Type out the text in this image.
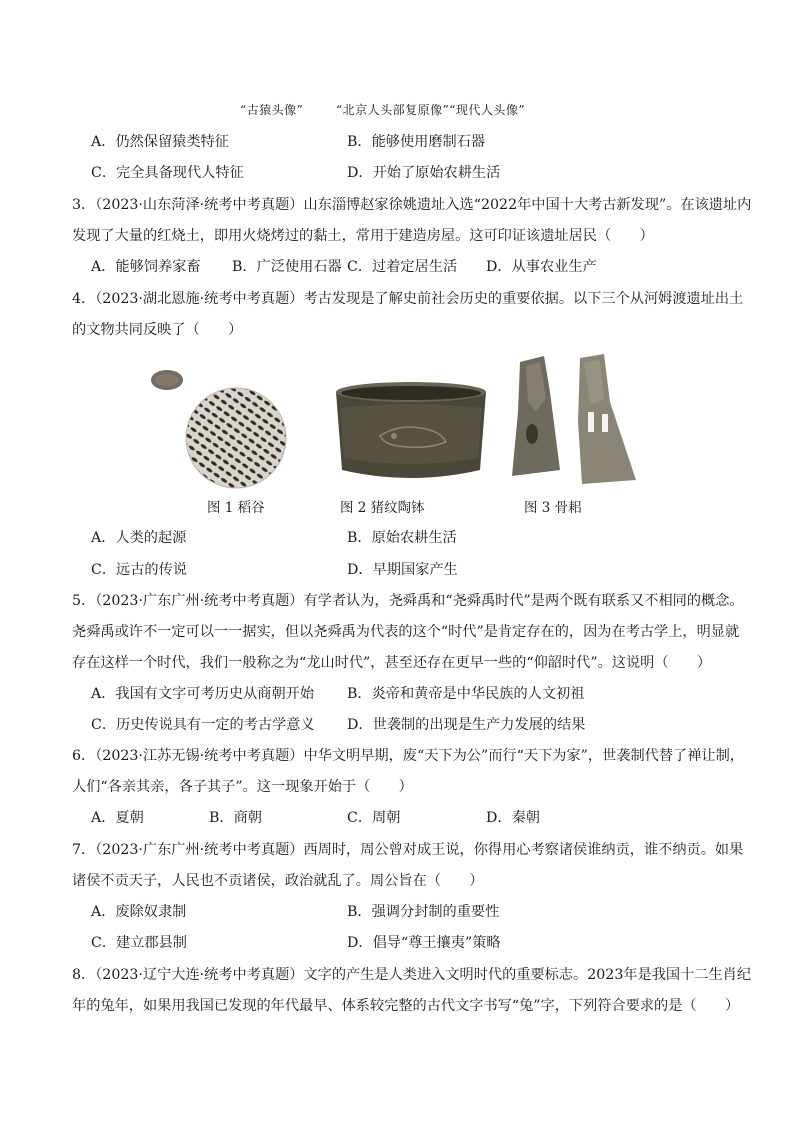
“古猿头像”	“北京人头部复原像”“现代人头像”
A．仍然保留猿类特征	B．能够使用磨制石器
C．完全具备现代人特征	D．开始了原始农耕生活
3．（2023·山东菏泽·统考中考真题）山东淄博赵家徐姚遗址入选“2022年中国十大考古新发现”。在该遗址内
发现了大量的红烧土，即用火烧烤过的黏土，常用于建造房屋。这可印证该遗址居民（　　）
A．能够饲养家畜 B．广泛使用石器 C．过着定居生活 D．从事农业生产
4．（2023·湖北恩施·统考中考真题）考古发现是了解史前社会历史的重要依据。以下三个从河姆渡遗址出土
的文物共同反映了（　　）
图 1 稻谷	图 2 猪纹陶钵	图 3 骨耜
A．人类的起源	B．原始农耕生活
C．远古的传说	D．早期国家产生
5．（2023·广东广州·统考中考真题）有学者认为，尧舜禹和“尧舜禹时代”是两个既有联系又不相同的概念。
尧舜禹或许不一定可以一一据实，但以尧舜禹为代表的这个“时代”是肯定存在的，因为在考古学上，明显就
存在这样一个时代，我们一般称之为“龙山时代”，甚至还存在更早一些的“仰韶时代”。这说明（　　）
A．我国有文字可考历史从商朝开始 B．炎帝和黄帝是中华民族的人文初祖
C．历史传说具有一定的考古学意义 D．世袭制的出现是生产力发展的结果
6．（2023·江苏无锡·统考中考真题）中华文明早期，废“天下为公”而行“天下为家”，世袭制代替了禅让制，
人们“各亲其亲，各子其子”。这一现象开始于（　　）
A．夏朝	B．商朝	C．周朝	D．秦朝
7．（2023·广东广州·统考中考真题）西周时，周公曾对成王说，你得用心考察诸侯谁纳贡，谁不纳贡。如果
诸侯不贡天子，人民也不贡诸侯，政治就乱了。周公旨在（　　）
A．废除奴隶制	B．强调分封制的重要性
C．建立郡县制	D．倡导“尊王攘夷”策略
8．（2023·辽宁大连·统考中考真题）文字的产生是人类进入文明时代的重要标志。2023年是我国十二生肖纪
年的兔年，如果用我国已发现的年代最早、体系较完整的古代文字书写“兔”字，下列符合要求的是（　　）
